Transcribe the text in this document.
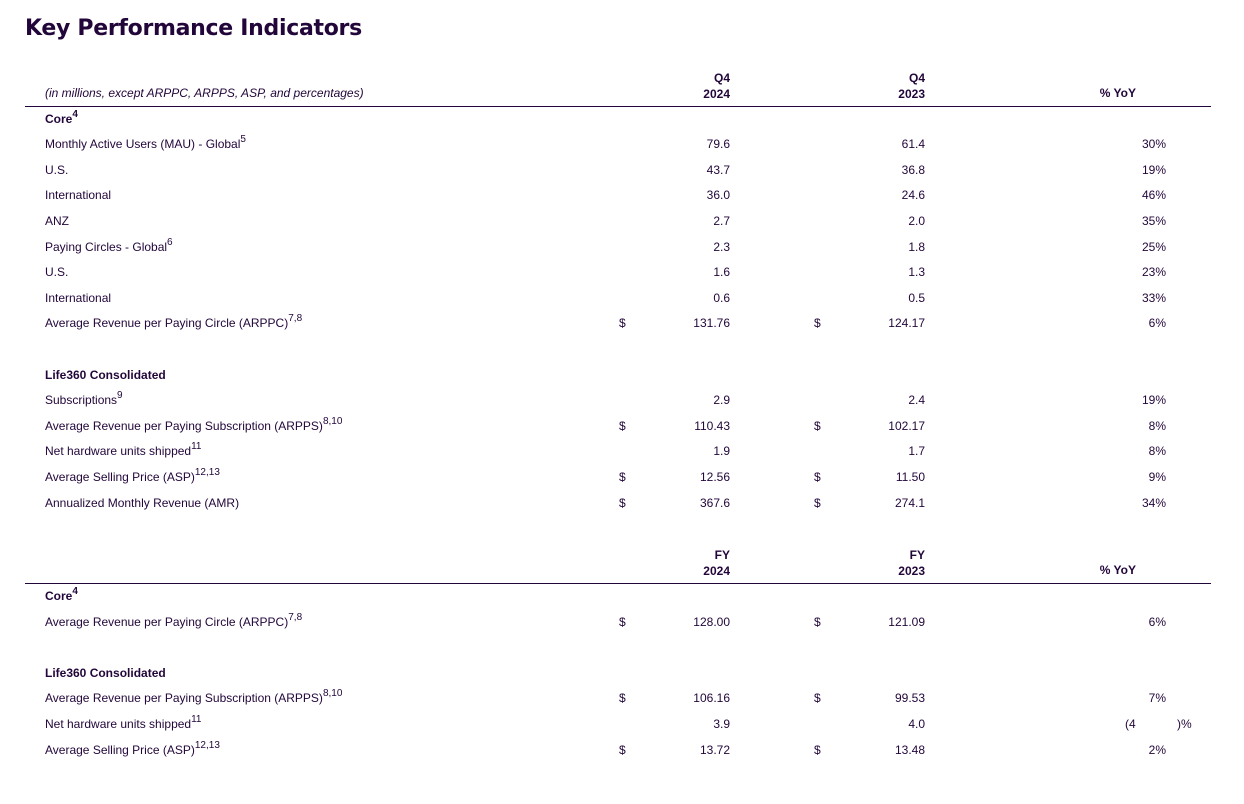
Key Performance Indicators
Q4
2024
Q4
2023	% YoY
(in millions, except ARPPC, ARPPS, ASP, and percentages)
Core$^4$
Monthly Active Users (MAU) - Global$^5$	79.6	61.4	30%
U.S.	43.7	36.8	19%
International	36.0	24.6	46%
ANZ	2.7	2.0	35%
Paying Circles - Global$^6$	2.3	1.8	25%
U.S.	1.6	1.3	23%
International	0.6	0.5	33%
Average Revenue per Paying Circle (ARPPC)$^{7,8}$	$	131.76	$	124.17	6%
Life360 Consolidated
Subscriptions$^9$	2.9	2.4	19%
Average Revenue per Paying Subscription (ARPPS)$^{8,10}$	$	110.43	$	102.17	8%
Net hardware units shipped$^{11}$	1.9	1.7	8%
Average Selling Price (ASP)$^{12,13}$	$	12.56	$	11.50	9%
Annualized Monthly Revenue (AMR)	$	367.6	$	274.1	34%
FY
2024
FY
2023	% YoY
Core$^4$
Average Revenue per Paying Circle (ARPPC)$^{7,8}$	$	128.00	$	121.09	6%
Life360 Consolidated
Average Revenue per Paying Subscription (ARPPS)$^{8,10}$	$	106.16	$	99.53	7%
Net hardware units shipped$^{11}$	3.9	4.0	(4	)%
Average Selling Price (ASP)$^{12,13}$	$	13.72	$	13.48	2%
